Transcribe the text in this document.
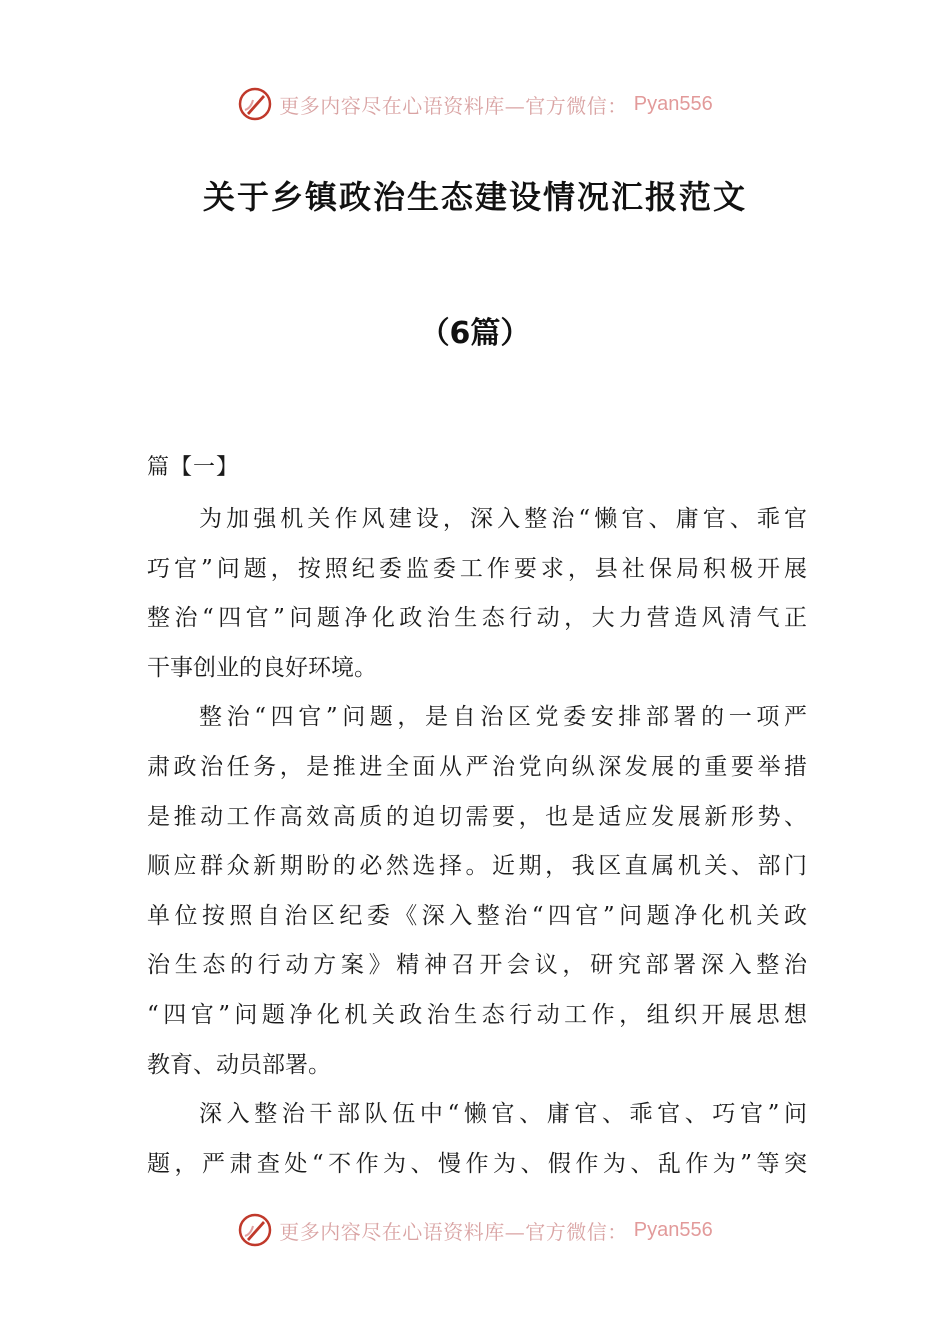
更多内容尽在心语资料库—官方微信： Pyan556
关于乡镇政治生态建设情况汇报范文
（6篇）
篇【一】
为加强机关作风建设，深入整治“懒官、庸官、乖官
巧官”问题，按照纪委监委工作要求，县社保局积极开展
整治“四官”问题净化政治生态行动，大力营造风清气正
干事创业的良好环境。
整治“四官”问题，是自治区党委安排部署的一项严
肃政治任务，是推进全面从严治党向纵深发展的重要举措
是推动工作高效高质的迫切需要，也是适应发展新形势、
顺应群众新期盼的必然选择。近期，我区直属机关、部门
单位按照自治区纪委《深入整治“四官”问题净化机关政
治生态的行动方案》精神召开会议，研究部署深入整治
“四官”问题净化机关政治生态行动工作，组织开展思想
教育、动员部署。
深入整治干部队伍中“懒官、庸官、乖官、巧官”问
题，严肃查处“不作为、慢作为、假作为、乱作为”等突
更多内容尽在心语资料库—官方微信： Pyan556
